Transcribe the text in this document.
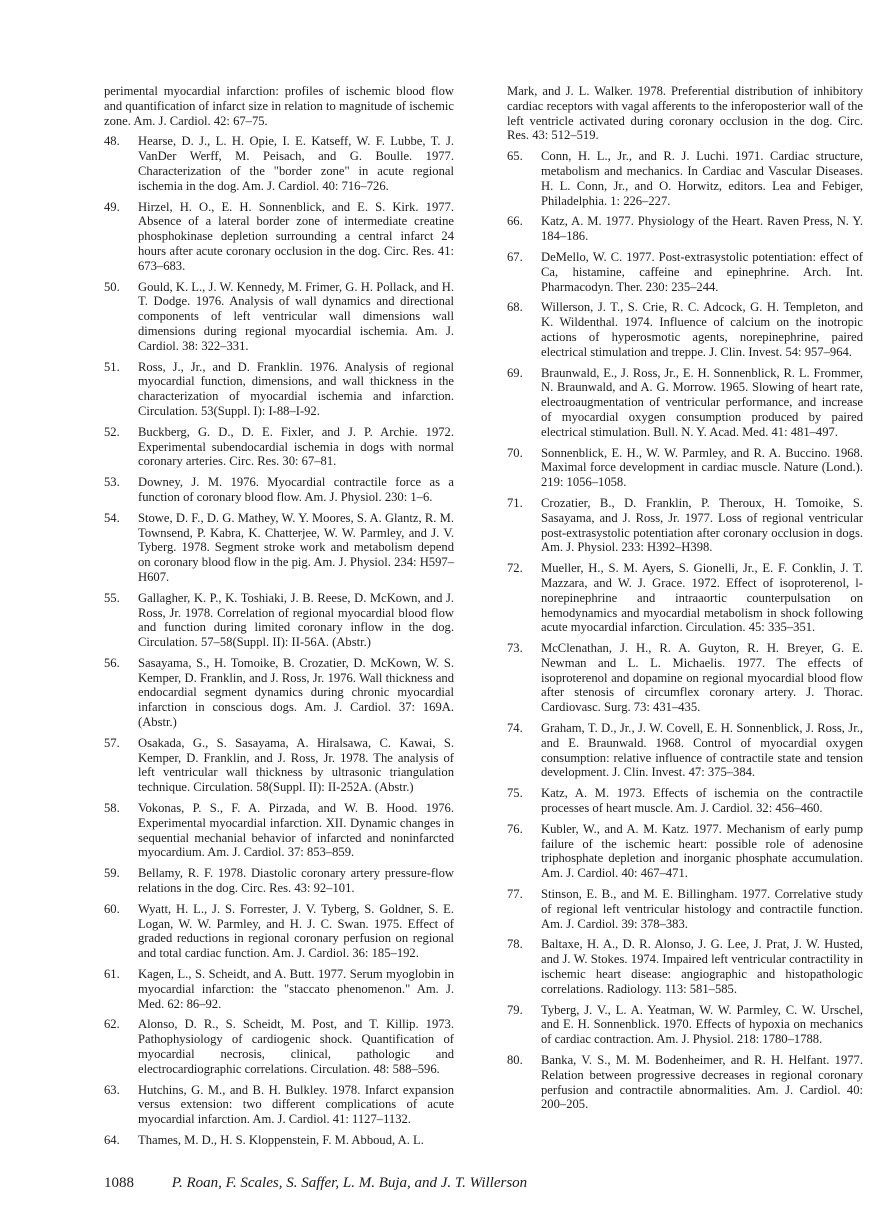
perimental myocardial infarction: profiles of ischemic blood flow and quantification of infarct size in relation to magnitude of ischemic zone. Am. J. Cardiol. 42: 67–75.
48.	Hearse, D. J., L. H. Opie, I. E. Katseff, W. F. Lubbe, T. J. VanDer Werff, M. Peisach, and G. Boulle. 1977. Characterization of the "border zone" in acute regional ischemia in the dog. Am. J. Cardiol. 40: 716–726.
49.	Hirzel, H. O., E. H. Sonnenblick, and E. S. Kirk. 1977. Absence of a lateral border zone of intermediate creatine phosphokinase depletion surrounding a central infarct 24 hours after acute coronary occlusion in the dog. Circ. Res. 41: 673–683.
50.	Gould, K. L., J. W. Kennedy, M. Frimer, G. H. Pollack, and H. T. Dodge. 1976. Analysis of wall dynamics and directional components of left ventricular wall dimensions wall dimensions during regional myocardial ischemia. Am. J. Cardiol. 38: 322–331.
51.	Ross, J., Jr., and D. Franklin. 1976. Analysis of regional myocardial function, dimensions, and wall thickness in the characterization of myocardial ischemia and infarction. Circulation. 53(Suppl. I): I-88–I-92.
52.	Buckberg, G. D., D. E. Fixler, and J. P. Archie. 1972. Experimental subendocardial ischemia in dogs with normal coronary arteries. Circ. Res. 30: 67–81.
53.	Downey, J. M. 1976. Myocardial contractile force as a function of coronary blood flow. Am. J. Physiol. 230: 1–6.
54.	Stowe, D. F., D. G. Mathey, W. Y. Moores, S. A. Glantz, R. M. Townsend, P. Kabra, K. Chatterjee, W. W. Parmley, and J. V. Tyberg. 1978. Segment stroke work and metabolism depend on coronary blood flow in the pig. Am. J. Physiol. 234: H597–H607.
55.	Gallagher, K. P., K. Toshiaki, J. B. Reese, D. McKown, and J. Ross, Jr. 1978. Correlation of regional myocardial blood flow and function during limited coronary inflow in the dog. Circulation. 57–58(Suppl. II): II-56A. (Abstr.)
56.	Sasayama, S., H. Tomoike, B. Crozatier, D. McKown, W. S. Kemper, D. Franklin, and J. Ross, Jr. 1976. Wall thickness and endocardial segment dynamics during chronic myocardial infarction in conscious dogs. Am. J. Cardiol. 37: 169A. (Abstr.)
57.	Osakada, G., S. Sasayama, A. Hiralsawa, C. Kawai, S. Kemper, D. Franklin, and J. Ross, Jr. 1978. The analysis of left ventricular wall thickness by ultrasonic triangulation technique. Circulation. 58(Suppl. II): II-252A. (Abstr.)
58.	Vokonas, P. S., F. A. Pirzada, and W. B. Hood. 1976. Experimental myocardial infarction. XII. Dynamic changes in sequential mechanial behavior of infarcted and noninfarcted myocardium. Am. J. Cardiol. 37: 853–859.
59.	Bellamy, R. F. 1978. Diastolic coronary artery pressure-flow relations in the dog. Circ. Res. 43: 92–101.
60.	Wyatt, H. L., J. S. Forrester, J. V. Tyberg, S. Goldner, S. E. Logan, W. W. Parmley, and H. J. C. Swan. 1975. Effect of graded reductions in regional coronary perfusion on regional and total cardiac function. Am. J. Cardiol. 36: 185–192.
61.	Kagen, L., S. Scheidt, and A. Butt. 1977. Serum myoglobin in myocardial infarction: the "staccato phenomenon." Am. J. Med. 62: 86–92.
62.	Alonso, D. R., S. Scheidt, M. Post, and T. Killip. 1973. Pathophysiology of cardiogenic shock. Quantification of myocardial necrosis, clinical, pathologic and electrocardiographic correlations. Circulation. 48: 588–596.
63.	Hutchins, G. M., and B. H. Bulkley. 1978. Infarct expansion versus extension: two different complications of acute myocardial infarction. Am. J. Cardiol. 41: 1127–1132.
64.	Thames, M. D., H. S. Kloppenstein, F. M. Abboud, A. L.
Mark, and J. L. Walker. 1978. Preferential distribution of inhibitory cardiac receptors with vagal afferents to the inferoposterior wall of the left ventricle activated during coronary occlusion in the dog. Circ. Res. 43: 512–519.
65.	Conn, H. L., Jr., and R. J. Luchi. 1971. Cardiac structure, metabolism and mechanics. In Cardiac and Vascular Diseases. H. L. Conn, Jr., and O. Horwitz, editors. Lea and Febiger, Philadelphia. 1: 226–227.
66.	Katz, A. M. 1977. Physiology of the Heart. Raven Press, N. Y. 184–186.
67.	DeMello, W. C. 1977. Post-extrasystolic potentiation: effect of Ca, histamine, caffeine and epinephrine. Arch. Int. Pharmacodyn. Ther. 230: 235–244.
68.	Willerson, J. T., S. Crie, R. C. Adcock, G. H. Templeton, and K. Wildenthal. 1974. Influence of calcium on the inotropic actions of hyperosmotic agents, norepinephrine, paired electrical stimulation and treppe. J. Clin. Invest. 54: 957–964.
69.	Braunwald, E., J. Ross, Jr., E. H. Sonnenblick, R. L. Frommer, N. Braunwald, and A. G. Morrow. 1965. Slowing of heart rate, electroaugmentation of ventricular performance, and increase of myocardial oxygen consumption produced by paired electrical stimulation. Bull. N. Y. Acad. Med. 41: 481–497.
70.	Sonnenblick, E. H., W. W. Parmley, and R. A. Buccino. 1968. Maximal force development in cardiac muscle. Nature (Lond.). 219: 1056–1058.
71.	Crozatier, B., D. Franklin, P. Theroux, H. Tomoike, S. Sasayama, and J. Ross, Jr. 1977. Loss of regional ventricular post-extrasystolic potentiation after coronary occlusion in dogs. Am. J. Physiol. 233: H392–H398.
72.	Mueller, H., S. M. Ayers, S. Gionelli, Jr., E. F. Conklin, J. T. Mazzara, and W. J. Grace. 1972. Effect of isoproterenol, l-norepinephrine and intraaortic counterpulsation on hemodynamics and myocardial metabolism in shock following acute myocardial infarction. Circulation. 45: 335–351.
73.	McClenathan, J. H., R. A. Guyton, R. H. Breyer, G. E. Newman and L. L. Michaelis. 1977. The effects of isoproterenol and dopamine on regional myocardial blood flow after stenosis of circumflex coronary artery. J. Thorac. Cardiovasc. Surg. 73: 431–435.
74.	Graham, T. D., Jr., J. W. Covell, E. H. Sonnenblick, J. Ross, Jr., and E. Braunwald. 1968. Control of myocardial oxygen consumption: relative influence of contractile state and tension development. J. Clin. Invest. 47: 375–384.
75.	Katz, A. M. 1973. Effects of ischemia on the contractile processes of heart muscle. Am. J. Cardiol. 32: 456–460.
76.	Kubler, W., and A. M. Katz. 1977. Mechanism of early pump failure of the ischemic heart: possible role of adenosine triphosphate depletion and inorganic phosphate accumulation. Am. J. Cardiol. 40: 467–471.
77.	Stinson, E. B., and M. E. Billingham. 1977. Correlative study of regional left ventricular histology and contractile function. Am. J. Cardiol. 39: 378–383.
78.	Baltaxe, H. A., D. R. Alonso, J. G. Lee, J. Prat, J. W. Husted, and J. W. Stokes. 1974. Impaired left ventricular contractility in ischemic heart disease: angiographic and histopathologic correlations. Radiology. 113: 581–585.
79.	Tyberg, J. V., L. A. Yeatman, W. W. Parmley, C. W. Urschel, and E. H. Sonnenblick. 1970. Effects of hypoxia on mechanics of cardiac contraction. Am. J. Physiol. 218: 1780–1788.
80.	Banka, V. S., M. M. Bodenheimer, and R. H. Helfant. 1977. Relation between progressive decreases in regional coronary perfusion and contractile abnormalities. Am. J. Cardiol. 40: 200–205.
1088	P. Roan, F. Scales, S. Saffer, L. M. Buja, and J. T. Willerson
